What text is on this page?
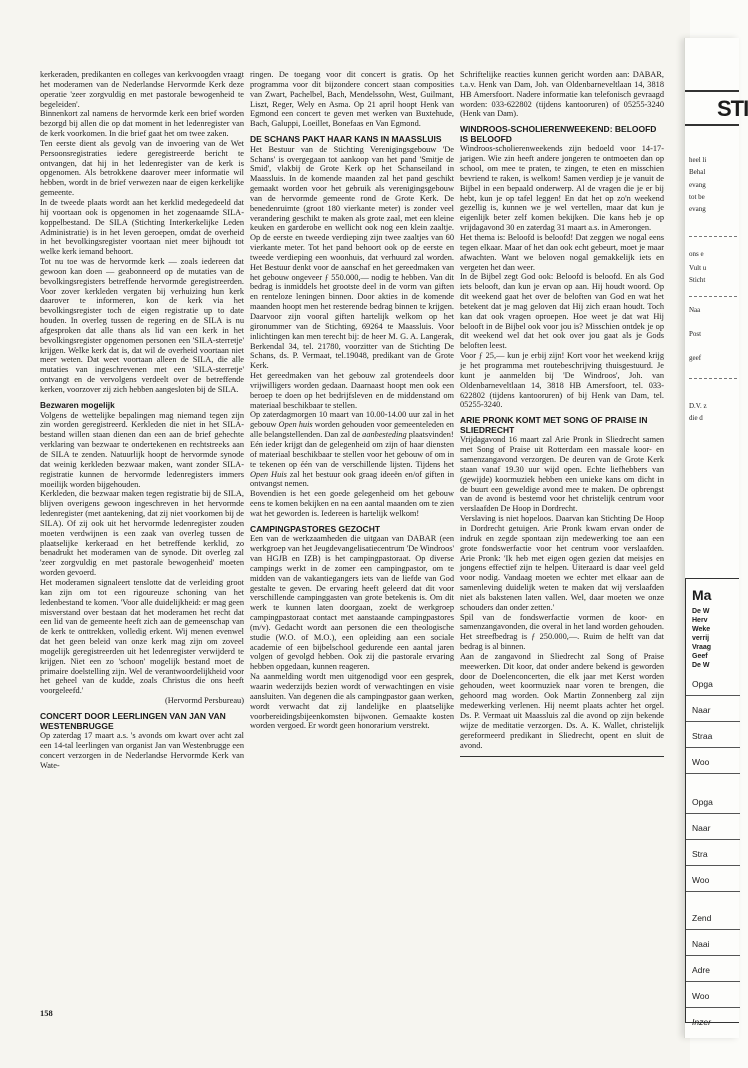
kerkeraden, predikanten en colleges van kerkvoogden vraagt het moderamen van de Nederlandse Hervormde Kerk deze operatie 'zeer zorgvuldig en met pastorale bewogenheid te begeleiden'.

Binnenkort zal namens de hervormde kerk een brief worden bezorgd bij allen die op dat moment in het ledenregister van de kerk voorkomen. In die brief gaat het om twee zaken.

Ten eerste dient als gevolg van de invoering van de Wet Persoonsregistraties iedere geregistreerde bericht te ontvangen, dat hij in het ledenregister van de kerk is opgenomen. Als betrokkene daarover meer informatie wil hebben, wordt in de brief verwezen naar de eigen kerkelijke gemeente.

In de tweede plaats wordt aan het kerklid medegedeeld dat hij voortaan ook is opgenomen in het zogenaamde SILA-koppelbestand. De SILA (Stichting Interkerkelijke Leden Administratie) is in het leven geroepen, omdat de overheid in het bevolkingsregister voortaan niet meer bijhoudt tot welke kerk iemand behoort.

Tot nu toe was de hervormde kerk — zoals iedereen dat gewoon kan doen — geabonneerd op de mutaties van de bevolkingsregisters betreffende hervormde geregistreerden. Voor zover kerkleden vergaten bij verhuizing hun kerk daarover te informeren, kon de kerk via het bevolkingsregister toch de eigen registratie up to date houden. In overleg tussen de regering en de SILA is nu afgesproken dat alle thans als lid van een kerk in het bevolkingsregister opgenomen personen een 'SILA-sterretje' krijgen. Welke kerk dat is, dat wil de overheid voortaan niet meer weten. Dat weet voortaan alleen de SILA, die alle mutaties van ingeschrevenen met een 'SILA-sterretje' ontvangt en de vervolgens verdeelt over de betreffende kerken, voorzover zij zich hebben aangesloten bij de SILA.

Bezwaren mogelijk

Volgens de wettelijke bepalingen mag niemand tegen zijn zin worden geregistreerd. Kerkleden die niet in het SILA-bestand willen staan dienen dan een aan de brief gehechte verklaring van bezwaar te ondertekenen en rechtstreeks aan de SILA te zenden. Natuurlijk hoopt de hervormde synode dat weinig kerkleden bezwaar maken, want zonder SILA-registratie kunnen de hervormde ledenregisters immers moeilijk worden bijgehouden.

Kerkleden, die bezwaar maken tegen registratie bij de SILA, blijven overigens gewoon ingeschreven in het hervormde ledenregister (met aantekening, dat zij niet voorkomen bij de SILA). Of zij ook uit het hervormde ledenregister zouden moeten verdwijnen is een zaak van overleg tussen de plaatselijke kerkeraad en het betreffende kerklid, zo benadrukt het moderamen van de synode. Dit overleg zal 'zeer zorgvuldig en met pastorale bewogenheid' moeten worden gevoerd.

Het moderamen signaleert tenslotte dat de verleiding groot kan zijn om tot een rigoureuze schoning van het ledenbestand te komen. 'Voor alle duidelijkheid: er mag geen misverstand over bestaan dat het moderamen het recht dat een lid van de gemeente heeft zich aan de gemeenschap van de kerk te onttrekken, volledig erkent. Wij menen evenwel dat het geen beleid van onze kerk mag zijn om zoveel mogelijk geregistreerden uit het ledenregister verwijderd te krijgen. Niet een zo 'schoon' mogelijk bestand moet de primaire doelstelling zijn. Wel de verantwoordelijkheid voor het geheel van de kudde, zoals Christus die ons heeft voorgeleefd.'

(Hervormd Persbureau)

CONCERT DOOR LEERLINGEN VAN JAN VAN WESTENBRUGGE

Op zaterdag 17 maart a.s. 's avonds om kwart over acht zal een 14-tal leerlingen van organist Jan van Westenbrugge een concert verzorgen in de Nederlandse Hervormde Kerk van Wate-

ringen. De toegang voor dit concert is gratis. Op het programma voor dit bijzondere concert staan composities van Zwart, Pachelbel, Bach, Mendelssohn, West, Guilmant, Liszt, Reger, Wely en Asma. Op 21 april hoopt Henk van Egmond een concert te geven met werken van Buxtehude, Bach, Galuppi, Loeillet, Bonefaas en Van Egmond.

DE SCHANS PAKT HAAR KANS IN MAASSLUIS

Het Bestuur van de Stichting Verenigingsgebouw 'De Schans' is overgegaan tot aankoop van het pand 'Smitje de Smid', vlakbij de Grote Kerk op het Schanseiland in Maassluis. In de komende maanden zal het pand geschikt gemaakt worden voor het gebruik als verenigingsgebouw van de hervormde gemeente rond de Grote Kerk. De benedenruimte (groot 180 vierkante meter) is zonder veel verandering geschikt te maken als grote zaal, met een kleine keuken en garderobe en wellicht ook nog een klein zaaltje. Op de eerste en tweede verdieping zijn twee zaaltjes van 60 vierkante meter. Tot het pand behoort ook op de eerste en tweede verdieping een woonhuis, dat verhuurd zal worden. Het Bestuur denkt voor de aanschaf en het gereedmaken van het gebouw ongeveer ƒ 550.000,— nodig te hebben. Van dit bedrag is inmiddels het grootste deel in de vorm van giften en renteloze leningen binnen. Door akties in de komende maanden hoopt men het resterende bedrag binnen te krijgen. Daarvoor zijn vooral giften hartelijk welkom op het gironummer van de Stichting, 69264 te Maassluis. Voor inlichtingen kan men terecht bij: de heer M. G. A. Langerak, Berkendal 34, tel. 21780, voorzitter van de Stichting De Schans, ds. P. Vermaat, tel.19048, predikant van de Grote Kerk.

Het gereedmaken van het gebouw zal grotendeels door vrijwilligers worden gedaan. Daarnaast hoopt men ook een beroep te doen op het bedrijfsleven en de middenstand om materiaal beschikbaar te stellen.

Op zaterdagmorgen 10 maart van 10.00-14.00 uur zal in het gebouw Open huis worden gehouden voor gemeenteleden en alle belangstellenden. Dan zal de aanbesteding plaatsvinden!

Eén ieder krijgt dan de gelegenheid om zijn of haar diensten of materiaal beschikbaar te stellen voor het gebouw of om in te tekenen op één van de verschillende lijsten. Tijdens het Open Huis zal het bestuur ook graag ideeën en/of giften in ontvangst nemen.

Bovendien is het een goede gelegenheid om het gebouw eens te komen bekijken en na een aantal maanden om te zien wat het geworden is. Iedereen is hartelijk welkom!

CAMPINGPASTORES GEZOCHT

Een van de werkzaamheden die uitgaan van DABAR (een werkgroep van het Jeugdevangelisatiecentrum 'De Windroos' van HGJB en IZB) is het campingpastoraat. Op diverse campings werkt in de zomer een campingpastor, om te midden van de vakantiegangers iets van de liefde van God gestalte te geven. De ervaring heeft geleerd dat dit voor verschillende campinggasten van grote betekenis is. Om dit werk te kunnen laten doorgaan, zoekt de werkgroep campingpastoraat contact met aanstaande campingpastores (m/v). Gedacht wordt aan personen die een theologische studie (W.O. of M.O.), een opleiding aan een sociale academie of een bijbelschool gedurende een aantal jaren volgen of gevolgd hebben. Ook zij die pastorale ervaring hebben opgedaan, kunnen reageren.

Na aanmelding wordt men uitgenodigd voor een gesprek, waarin wederzijds bezien wordt of verwachtingen en visie aansluiten. Van degenen die als campingpastor gaan werken, wordt verwacht dat zij landelijke en plaatselijke voorbereidingsbijeenkomsten bijwonen. Gemaakte kosten worden vergoed. Er wordt geen honorarium verstrekt.

Schriftelijke reacties kunnen gericht worden aan: DABAR, t.a.v. Henk van Dam, Joh. van Oldenbarneveltlaan 14, 3818 HB Amersfoort. Nadere informatie kan telefonisch gevraagd worden: 033-622802 (tijdens kantooruren) of 05255-3240 (Henk van Dam).

WINDROOS-SCHOLIERENWEEKEND: BELOOFD IS BELOOFD

Windroos-scholierenweekends zijn bedoeld voor 14-17-jarigen. Wie zin heeft andere jongeren te ontmoeten dan op school, om mee te praten, te zingen, te eten en misschien bevriend te raken, is welkom! Samen verdiep je je vanuit de Bijbel in een bepaald onderwerp. Al de vragen die je er bij hebt, kun je op tafel leggen! En dat het op zo'n weekend gezellig is, kunnen we je wel vertellen, maar dat kun je eigenlijk beter zelf komen bekijken. Die kans heb je op vrijdagavond 30 en zaterdag 31 maart a.s. in Amerongen.

Het thema is: Beloofd is beloofd! Dat zeggen we nogal eens tegen elkaar. Maar of het dan ook echt gebeurt, moet je maar afwachten. Want we beloven nogal gemakkelijk iets en vergeten het dan weer.

In de Bijbel zegt God ook: Beloofd is beloofd. En als God iets belooft, dan kun je ervan op aan. Hij houdt woord. Op dit weekend gaat het over de beloften van God en wat het betekent dat je mag geloven dat Hij zich eraan houdt. Toch kan dat ook vragen oproepen. Hoe weet je dat wat Hij belooft in de Bijbel ook voor jou is? Misschien ontdek je op dit weekend wel dat het ook over jou gaat als je Gods beloften leest.

Voor ƒ 25,— kun je erbij zijn! Kort voor het weekend krijg je het programma met routebeschrijving thuisgestuurd. Je kunt je aanmelden bij 'De Windroos', Joh. van Oldenbarneveltlaan 14, 3818 HB Amersfoort, tel. 033-622802 (tijdens kantooruren) of bij Henk van Dam, tel. 05255-3240.

ARIE PRONK KOMT MET SONG OF PRAISE IN SLIEDRECHT

Vrijdagavond 16 maart zal Arie Pronk in Sliedrecht samen met Song of Praise uit Rotterdam een massale koor- en samenzangavond verzorgen. De deuren van de Grote Kerk staan vanaf 19.30 uur wijd open. Echte liefhebbers van (gewijde) koormuziek hebben een unieke kans om dicht in de buurt een geweldige avond mee te maken. De opbrengst van de avond is bestemd voor het christelijk centrum voor verslaafden De Hoop in Dordrecht.

Verslaving is niet hopeloos. Daarvan kan Stichting De Hoop in Dordrecht getuigen. Arie Pronk kwam ervan onder de indruk en zegde spontaan zijn medewerking toe aan een grote fondswerfactie voor het centrum voor verslaafden. Arie Pronk: 'Ik heb met eigen ogen gezien dat meisjes en jongens effectief zijn te helpen. Uiteraard is daar veel geld voor nodig. Vandaag moeten we echter met elkaar aan de samenleving duidelijk weten te maken dat wij verslaafden niet als bakstenen laten vallen. Wel, daar moeten we onze schouders dan onder zetten.'

Spil van de fondswerfactie vormen de koor- en samenzangavonden, die overal in het land worden gehouden. Het streefbedrag is ƒ 250.000,—. Ruim de helft van dat bedrag is al binnen.

Aan de zangavond in Sliedrecht zal Song of Praise meewerken. Dit koor, dat onder andere bekend is geworden door de Doelenconcerten, die elk jaar met Kerst worden gehouden, weet koormuziek naar voren te brengen, die gehoord mag worden. Ook Martin Zonnenberg zal zijn medewerking verlenen. Hij neemt plaats achter het orgel. Ds. P. Vermaat uit Maassluis zal die avond op zijn bekende wijze de meditatie verzorgen. Ds. A. K. Wallet, christelijk gereformeerd predikant in Sliedrecht, opent en sluit de avond.

158
STI
heel li
Behal
evang
tot be
evang
ons e
Vult u
Sticht
Naa
Post
geef
D.V. z
die d
Ma
De W
Herv
Weke
verrij
Vraag
Geef
De W
Opga
Naar
Straa
Woo
Opga
Naar
Stra
Woo
Zend
Naai
Adre
Woo
Inzer
